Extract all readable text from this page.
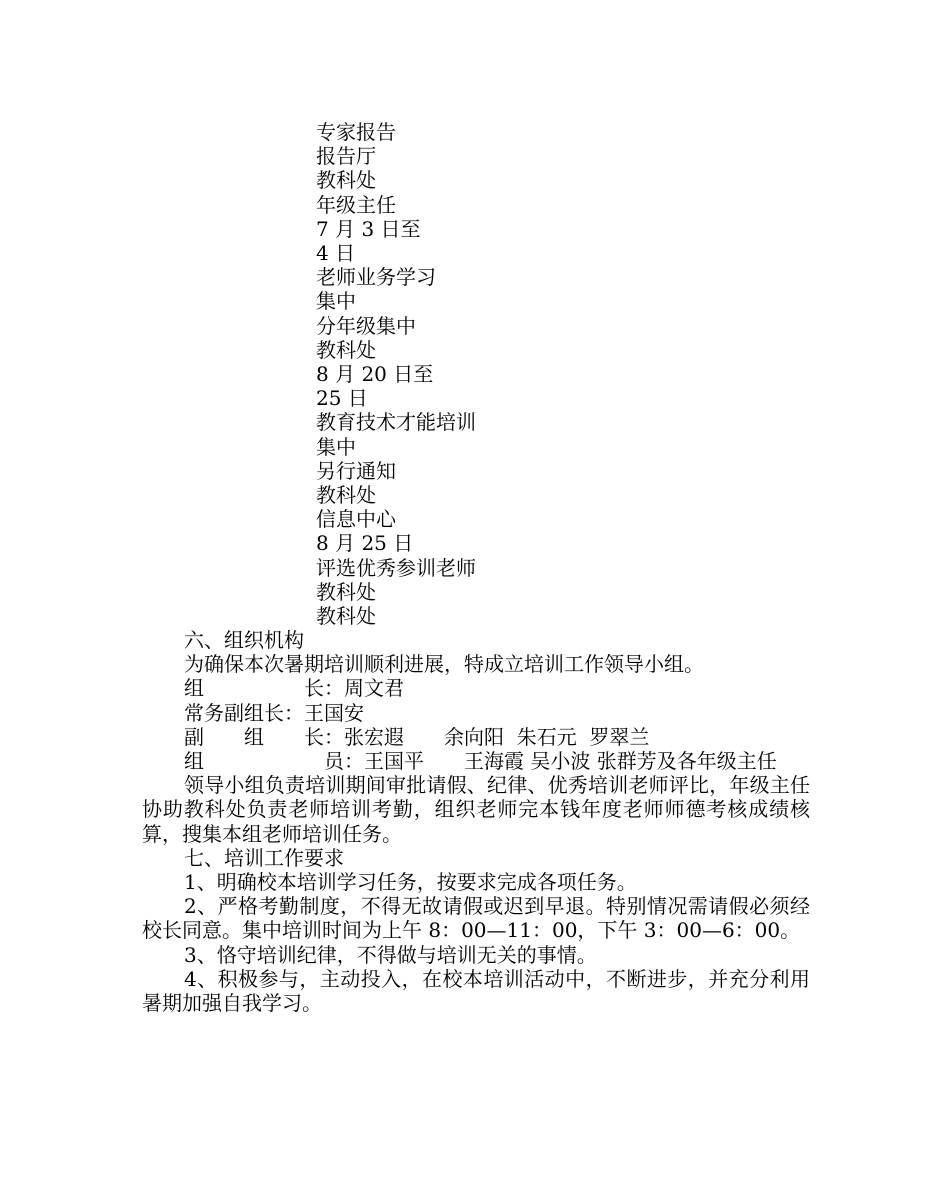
专家报告
报告厅
教科处
年级主任
7 月 3 日至
4 日
老师业务学习
集中
分年级集中
教科处
8 月 20 日至
25 日
教育技术才能培训
集中
另行通知
教科处
信息中心
8 月 25 日
评选优秀参训老师
教科处
教科处

六、组织机构

为确保本次暑期培训顺利进展，特成立培训工作领导小组。

组　　　　　长：周文君

常务副组长：王国安

副　　组　　长：张宏遐　　余向阳  朱石元  罗翠兰

组　　　　　　员：王国平　　王海霞 吴小波 张群芳及各年级主任

领导小组负责培训期间审批请假、纪律、优秀培训老师评比，年级主任协助教科处负责老师培训考勤，组织老师完本钱年度老师师德考核成绩核算，搜集本组老师培训任务。

七、培训工作要求

1、明确校本培训学习任务，按要求完成各项任务。

2、严格考勤制度，不得无故请假或迟到早退。特别情况需请假必须经校长同意。集中培训时间为上午 8：00—11：00，下午 3：00—6：00。

3、恪守培训纪律，不得做与培训无关的事情。

4、积极参与，主动投入，在校本培训活动中，不断进步，并充分利用暑期加强自我学习。
